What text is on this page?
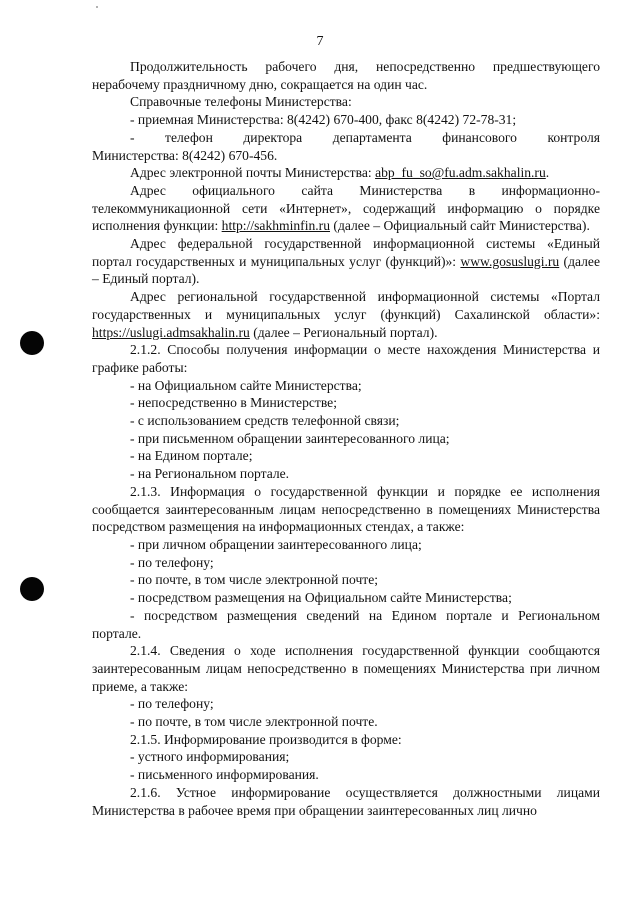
7

Продолжительность рабочего дня, непосредственно предшествующего нерабочему праздничному дню, сокращается на один час.

Справочные телефоны Министерства:

- приемная Министерства: 8(4242) 670-400, факс 8(4242) 72-78-31;

- телефон директора департамента финансового контроля

Министерства: 8(4242) 670-456.

Адрес электронной почты Министерства: abp_fu_so@fu.adm.sakhalin.ru.

Адрес официального сайта Министерства в информационно-телекоммуникационной сети «Интернет», содержащий информацию о порядке исполнения функции: http://sakhminfin.ru (далее – Официальный сайт Министерства).

Адрес федеральной государственной информационной системы «Единый портал государственных и муниципальных услуг (функций)»: www.gosuslugi.ru (далее – Единый портал).

Адрес региональной государственной информационной системы «Портал государственных и муниципальных услуг (функций) Сахалинской области»: https://uslugi.admsakhalin.ru (далее – Региональный портал).

2.1.2. Способы получения информации о месте нахождения Министерства и графике работы:

- на Официальном сайте Министерства;

- непосредственно в Министерстве;

- с использованием средств телефонной связи;

- при письменном обращении заинтересованного лица;

- на Едином портале;

- на Региональном портале.

2.1.3. Информация о государственной функции и порядке ее исполнения сообщается заинтересованным лицам непосредственно в помещениях Министерства посредством размещения на информационных стендах, а также:

- при личном обращении заинтересованного лица;

- по телефону;

- по почте, в том числе электронной почте;

- посредством размещения на Официальном сайте Министерства;

- посредством размещения сведений на Едином портале и Региональном портале.

2.1.4. Сведения о ходе исполнения государственной функции сообщаются заинтересованным лицам непосредственно в помещениях Министерства при личном приеме, а также:

- по телефону;

- по почте, в том числе электронной почте.

2.1.5. Информирование производится в форме:

- устного информирования;

- письменного информирования.

2.1.6. Устное информирование осуществляется должностными лицами Министерства в рабочее время при обращении заинтересованных лиц лично
